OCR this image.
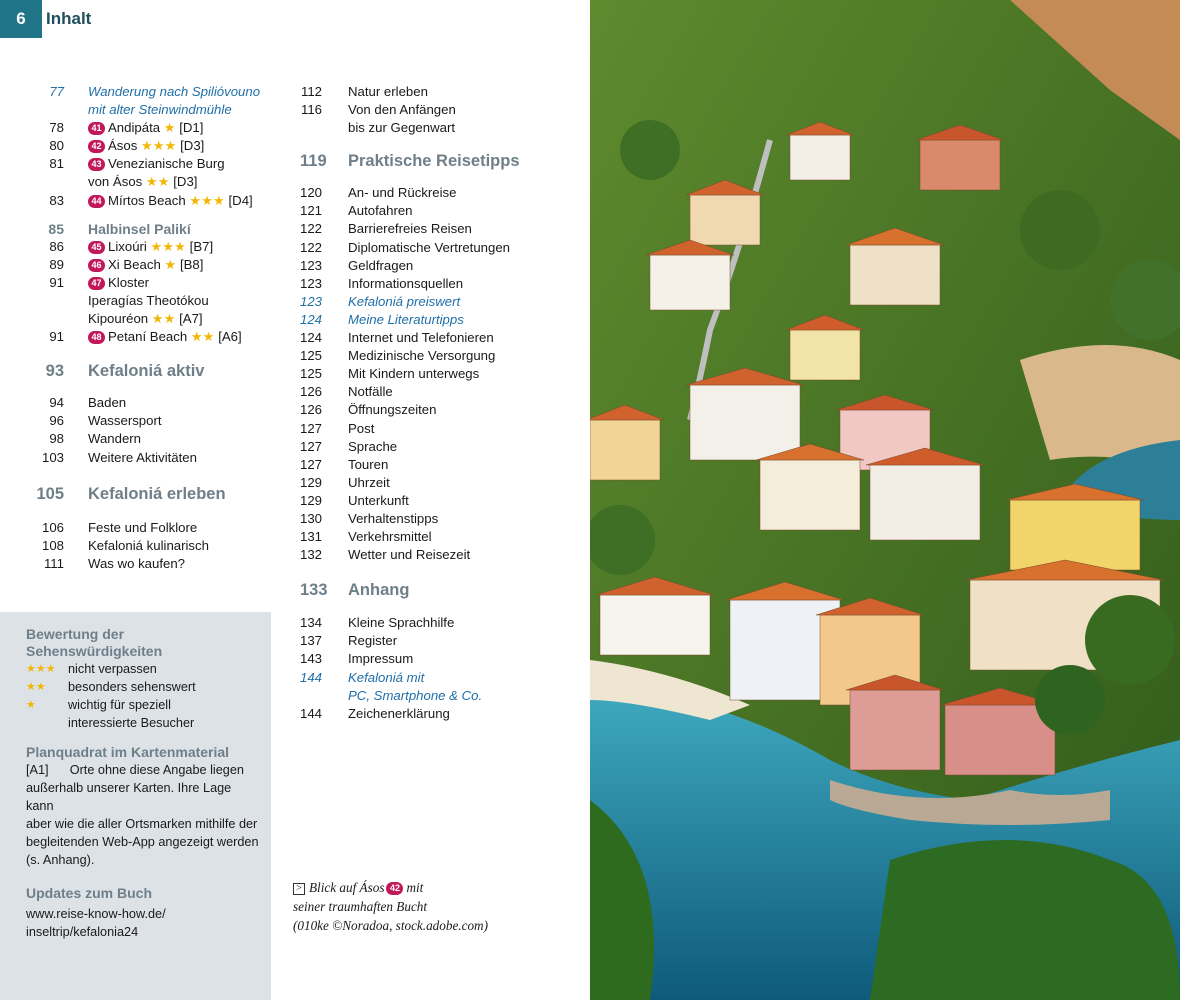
6	Inhalt
77 Wanderung nach Spilióvouno
mit alter Steinwindmühle
78	41 Andipáta ★ [D1]
80	42 Ásos ★★★ [D3]
81	43 Venezianische Burg
von Ásos ★★ [D3]
83	44 Mírtos Beach ★★★ [D4]
85 Halbinsel Palikí
86	45 Lixoúri ★★★ [B7]
89	46 Xi Beach ★ [B8]
91	47 Kloster
Iperagías Theotókou
Kipouréon ★★ [A7]
91	48 Petaní Beach ★★ [A6]
93 Kefaloniá aktiv
94 Baden
96 Wassersport
98 Wandern
103 Weitere Aktivitäten
105 Kefaloniá erleben
106 Feste und Folklore
108 Kefaloniá kulinarisch
111 Was wo kaufen?
112 Natur erleben
116 Von den Anfängen
bis zur Gegenwart
119 Praktische Reisetipps
120 An- und Rückreise
121 Autofahren
122 Barrierefreies Reisen
122 Diplomatische Vertretungen
123 Geldfragen
123 Informationsquellen
123 Kefaloniá preiswert
124 Meine Literaturtipps
124 Internet und Telefonieren
125 Medizinische Versorgung
125 Mit Kindern unterwegs
126 Notfälle
126 Öffnungszeiten
127 Post
127 Sprache
127 Touren
129 Uhrzeit
129 Unterkunft
130 Verhaltenstipps
131 Verkehrsmittel
132 Wetter und Reisezeit
133 Anhang
134 Kleine Sprachhilfe
137 Register
143 Impressum
144 Kefaloniá mit
PC, Smartphone & Co.
144 Zeichenerklärung
Bewertung der
Sehenswürdigkeiten
★★★ nicht verpassen
★★	besonders sehenswert
★	wichtig für speziell
interessierte Besucher
Planquadrat im Kartenmaterial
[A1]      Orte ohne diese Angabe liegen
außerhalb unserer Karten. Ihre Lage kann
aber wie die aller Ortsmarken mithilfe der
begleitenden Web-App angezeigt werden
(s. Anhang).
Updates zum Buch
www.reise-know-how.de/
inseltrip/kefalonia24
> Blick auf Ásos 42 mit
seiner traumhaften Bucht
(010ke ©Noradoa, stock.adobe.com)
